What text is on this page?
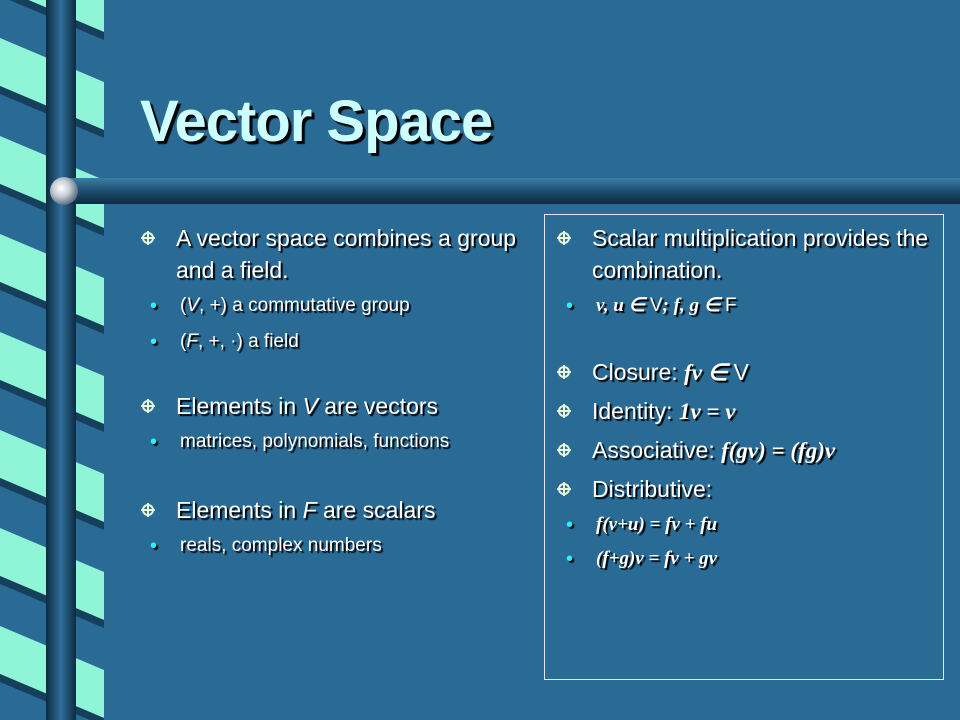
Vector Space
A vector space combines a group and a field.
• (V, +) a commutative group
• (F, +, ·) a field
Elements in V are vectors
• matrices, polynomials, functions
Elements in F are scalars
• reals, complex numbers
Scalar multiplication provides the combination.
• v, u ∈ V; f, g ∈ F
Closure: fv ∈ V
Identity: 1v = v
Associative: f(gv) = (fg)v
Distributive:
• f(v+u) = fv + fu
• (f+g)v = fv + gv
